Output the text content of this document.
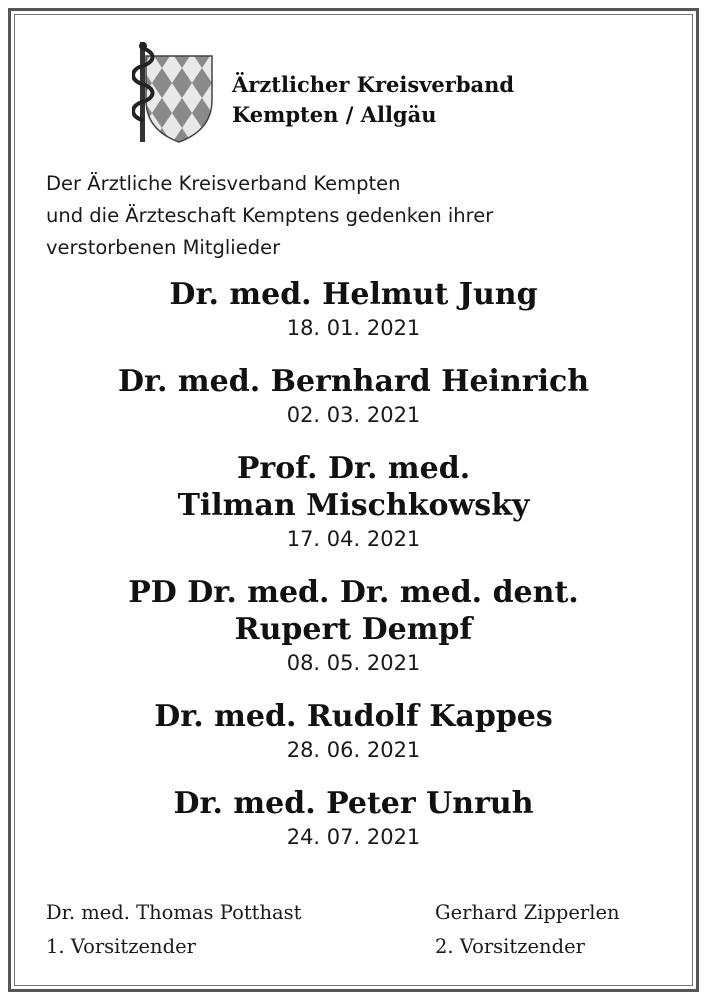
Ärztlicher Kreisverband
Kempten / Allgäu
Der Ärztliche Kreisverband Kempten
und die Ärzteschaft Kemptens gedenken ihrer
verstorbenen Mitglieder
Dr. med. Helmut Jung
18. 01. 2021
Dr. med. Bernhard Heinrich
02. 03. 2021
Prof. Dr. med.
Tilman Mischkowsky
17. 04. 2021
PD Dr. med. Dr. med. dent.
Rupert Dempf
08. 05. 2021
Dr. med. Rudolf Kappes
28. 06. 2021
Dr. med. Peter Unruh
24. 07. 2021
Dr. med. Thomas Potthast
1. Vorsitzender
Gerhard Zipperlen
2. Vorsitzender
